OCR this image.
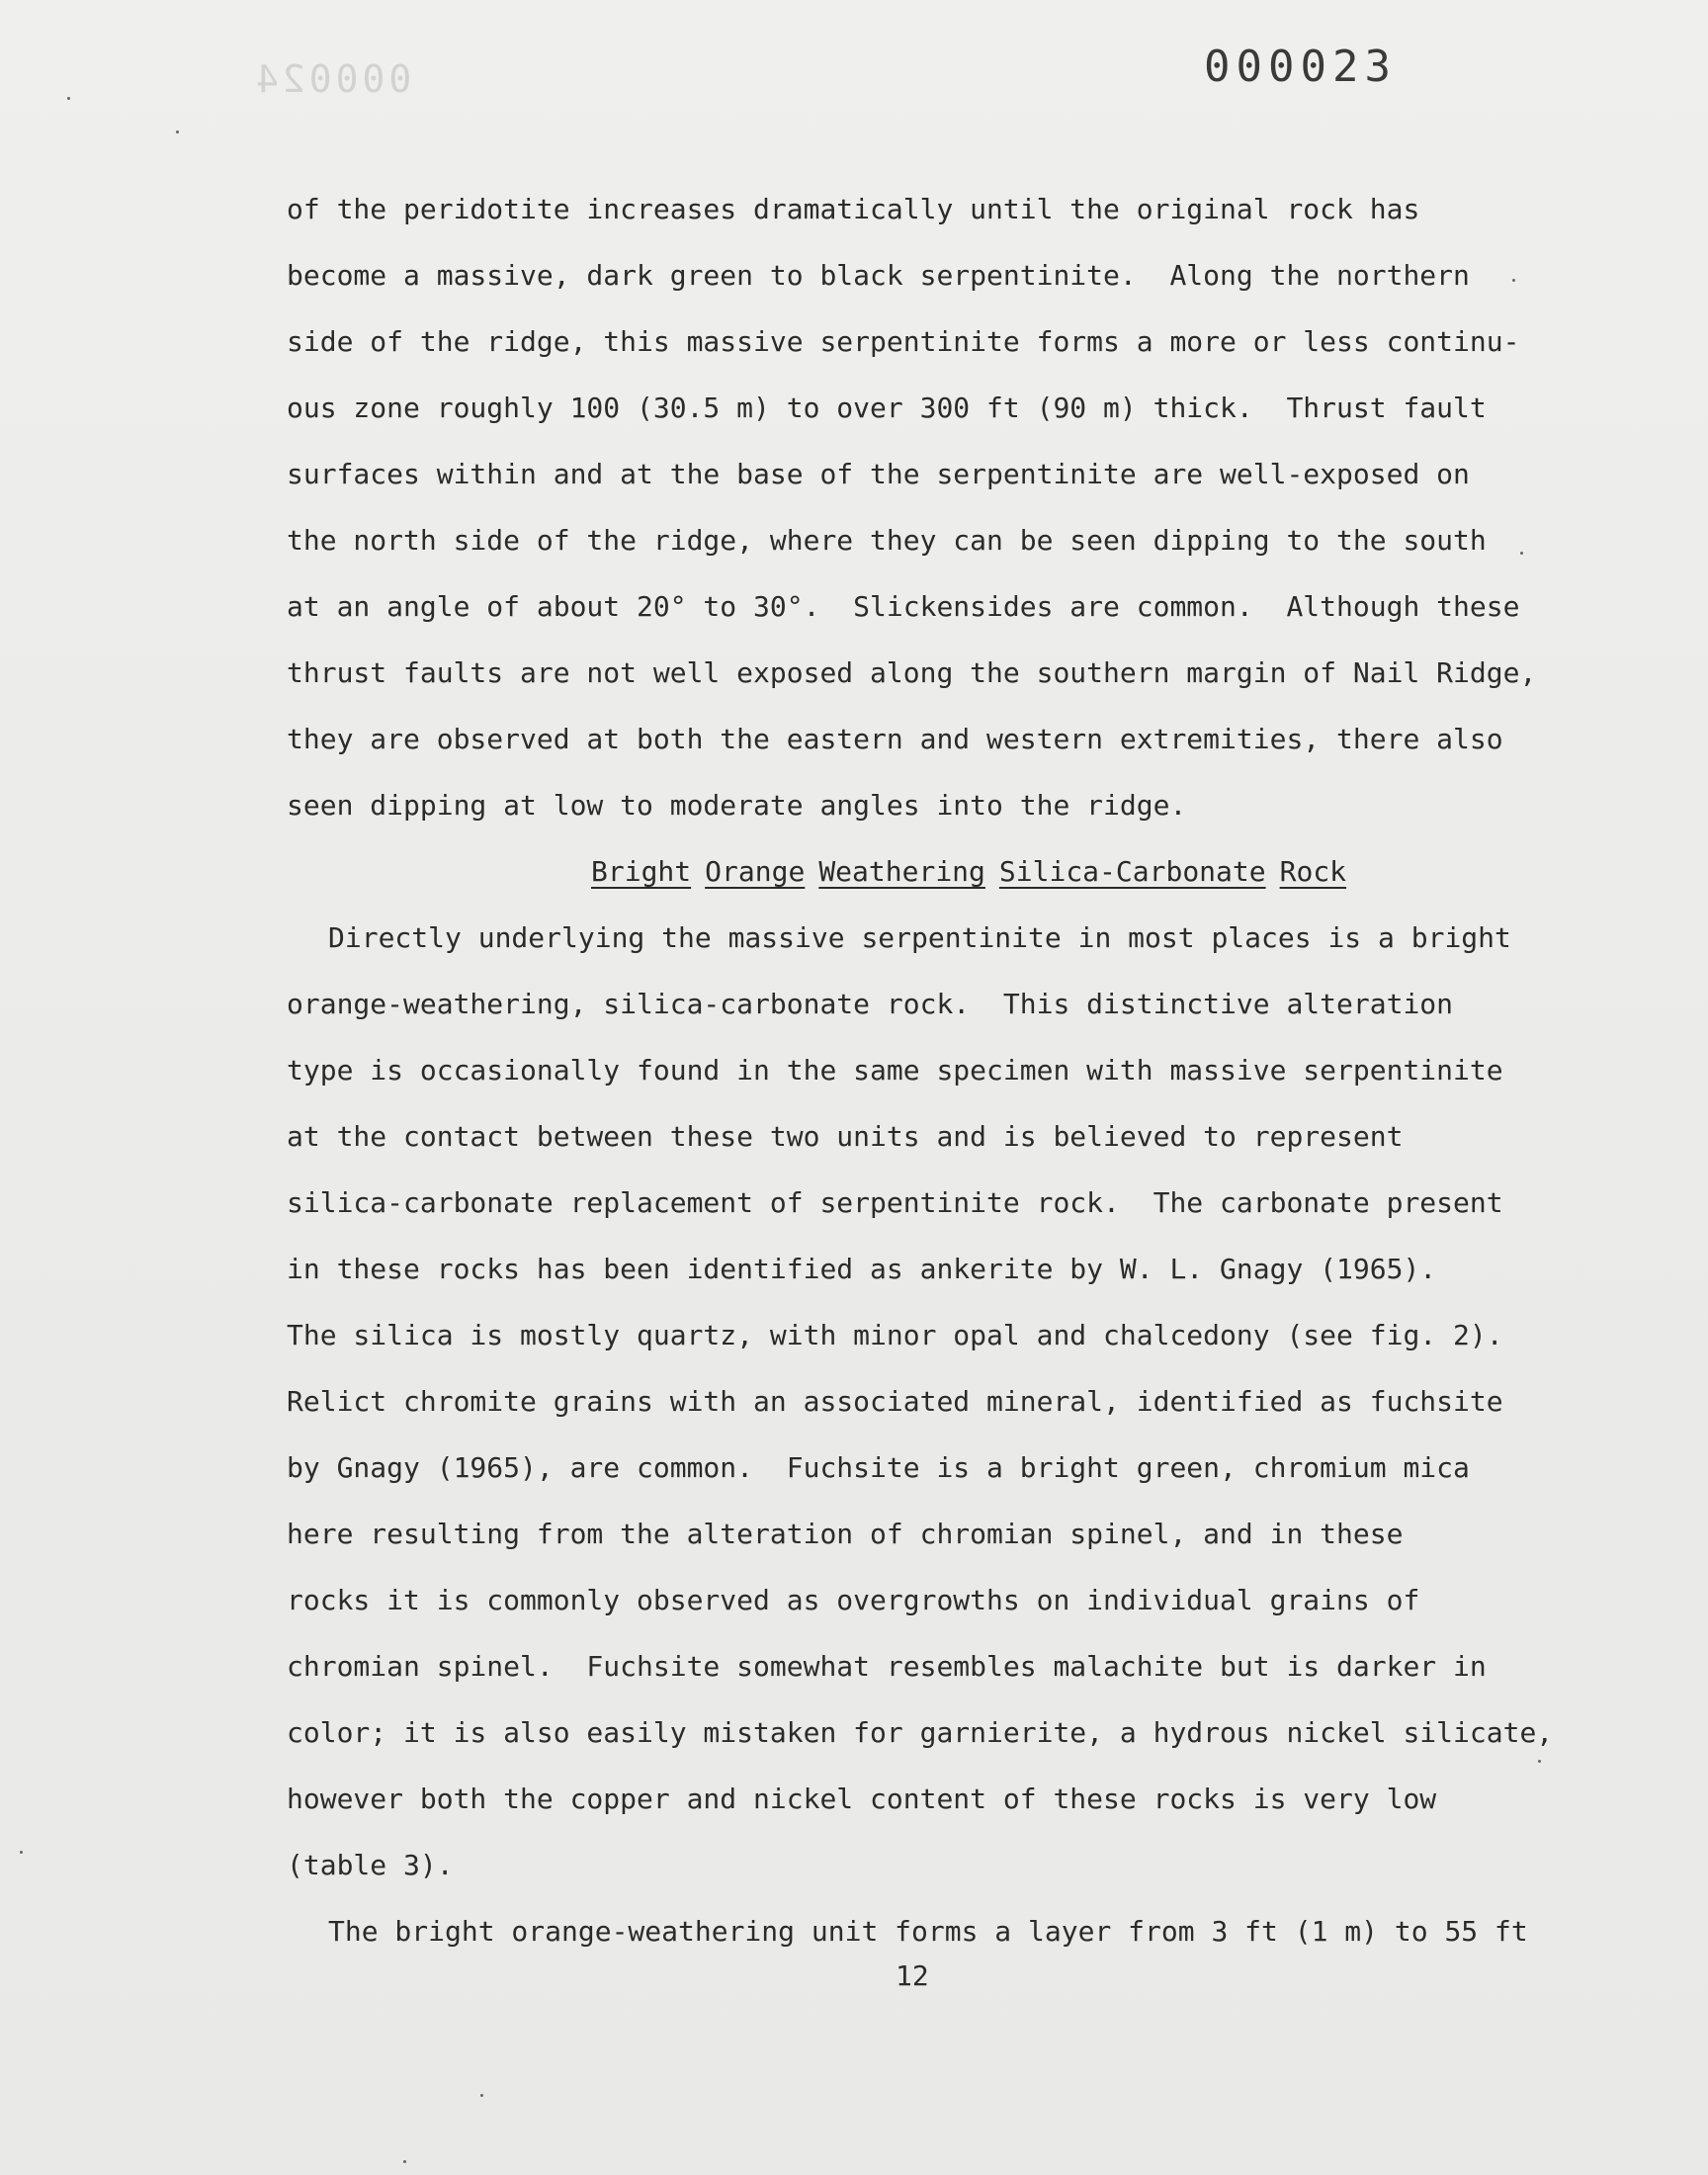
000024	000023
of the peridotite increases dramatically until the original rock has
become a massive, dark green to black serpentinite.  Along the northern
side of the ridge, this massive serpentinite forms a more or less continu-
ous zone roughly 100 (30.5 m) to over 300 ft (90 m) thick.  Thrust fault
surfaces within and at the base of the serpentinite are well-exposed on
the north side of the ridge, where they can be seen dipping to the south
at an angle of about 20° to 30°.  Slickensides are common.  Although these
thrust faults are not well exposed along the southern margin of Nail Ridge,
they are observed at both the eastern and western extremities, there also
seen dipping at low to moderate angles into the ridge.
Bright Orange Weathering Silica-Carbonate Rock
Directly underlying the massive serpentinite in most places is a bright
orange-weathering, silica-carbonate rock.  This distinctive alteration
type is occasionally found in the same specimen with massive serpentinite
at the contact between these two units and is believed to represent
silica-carbonate replacement of serpentinite rock.  The carbonate present
in these rocks has been identified as ankerite by W. L. Gnagy (1965).
The silica is mostly quartz, with minor opal and chalcedony (see fig. 2).
Relict chromite grains with an associated mineral, identified as fuchsite
by Gnagy (1965), are common.  Fuchsite is a bright green, chromium mica
here resulting from the alteration of chromian spinel, and in these
rocks it is commonly observed as overgrowths on individual grains of
chromian spinel.  Fuchsite somewhat resembles malachite but is darker in
color; it is also easily mistaken for garnierite, a hydrous nickel silicate,
however both the copper and nickel content of these rocks is very low
(table 3).
The bright orange-weathering unit forms a layer from 3 ft (1 m) to 55 ft
12
